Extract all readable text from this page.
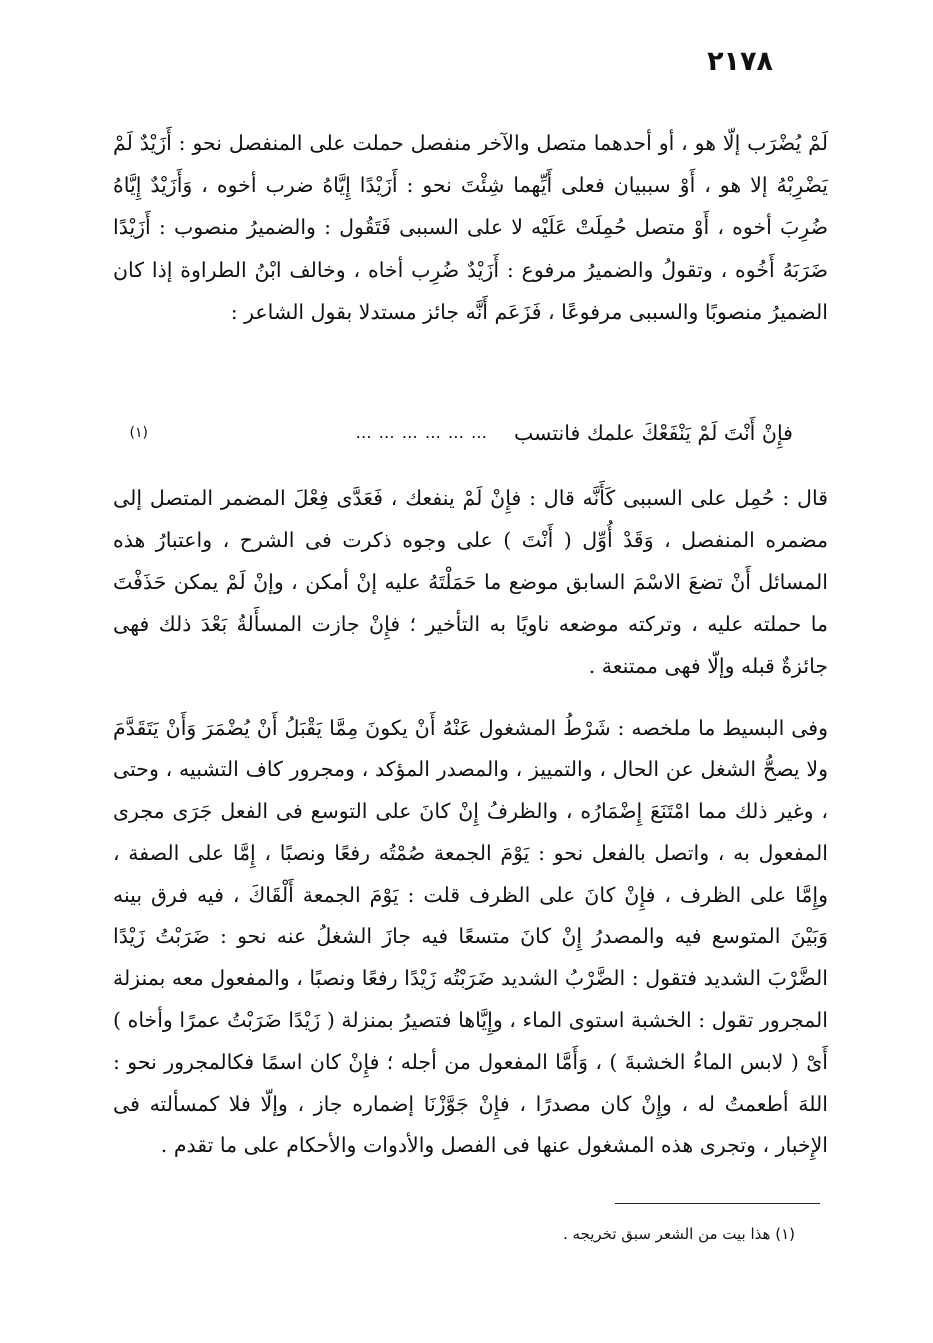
٢١٧٨

لَمْ يُضْرَب إلّا هو ، أو أحدهما متصل والآخر منفصل حملت على المنفصل نحو : أَزَيْدٌ لَمْ يَضْرِبْهُ إلا هو ، أَوْ سببيان فعلى أَيِّهما شِئْتَ نحو : أَزَيْدًا إِيَّاهُ ضرب أخوه ، وَأَزَيْدٌ إِيَّاهُ ضُرِبَ أخوه ، أَوْ متصل حُمِلَتْ عَلَيْه لا على السببى فَتَقُول : والضميرُ منصوب : أَزَيْدًا ضَرَبَهُ أَخُوه ، وتقولُ والضميرُ مرفوع : أَزَيْدٌ ضُرِب أخاه ، وخالف ابْنُ الطراوة إذا كان الضميرُ منصوبًا والسببى مرفوعًا ، فَزَعَم أَنَّه جائز مستدلا بقول الشاعر :

فإِنْ أَنْتَ لَمْ يَنْفَعْكَ علمك فانتسب
… … … … … …
(١)

قال : حُمِل على السببى كَأَنَّه قال : فإِنْ لَمْ ينفعك ، فَعَدَّى فِعْلَ المضمر المتصل إلى مضمره المنفصل ، وَقَدْ أُوِّل ( أَنْتَ ) على وجوه ذكرت فى الشرح ، واعتبارُ هذه المسائل أَنْ تضعَ الاسْمَ السابق موضع ما حَمَلْتَهُ عليه إنْ أمكن ، وإنْ لَمْ يمكن حَذَفْتَ ما حملته عليه ، وتركته موضعه ناويًا به التأخير ؛ فإِنْ جازت المسأَلةُ بَعْدَ ذلك فهى جائزةٌ قبله وإلّا فهى ممتنعة .

وفى البسيط ما ملخصه : شَرْطُ المشغول عَنْهُ أَنْ يكونَ مِمَّا يَقْبَلُ أَنْ يُضْمَرَ وَأَنْ يَتَقَدَّمَ ولا يصحُّ الشغل عن الحال ، والتمييز ، والمصدر المؤكد ، ومجرور كاف التشبيه ، وحتى ، وغير ذلك مما امْتَنَعَ إِضْمَارُه ، والظرفُ إِنْ كانَ على التوسع فى الفعل جَرَى مجرى المفعول به ، واتصل بالفعل نحو : يَوْمَ الجمعة صُمْتُه رفعًا ونصبًا ، إِمَّا على الصفة ، وإِمَّا على الظرف ، فإِنْ كانَ على الظرف قلت : يَوْمَ الجمعة أَلْقَاكَ ، فيه فرق بينه وَبَيْنَ المتوسع فيه والمصدرُ إِنْ كانَ متسعًا فيه جازَ الشغلُ عنه نحو : ضَرَبْتُ زَيْدًا الضَّرْبَ الشديد فتقول : الضَّرْبُ الشديد ضَرَبْتُه زَيْدًا رفعًا ونصبًا ، والمفعول معه بمنزلة المجرور تقول : الخشبة استوى الماء ، وإِيَّاها فتصيرُ بمنزلة ( زَيْدًا ضَرَبْتُ عمرًا وأخاه ) أَىْ ( لابس الماءُ الخشبةَ ) ، وَأَمَّا المفعول من أجله ؛ فإِنْ كان اسمًا فكالمجرور نحو : اللهَ أطعمتُ له ، وإِنْ كان مصدرًا ، فإِنْ جَوَّزْنَا إضماره جاز ، وإلّا فلا كمسألته فى الإِخبار ، وتجرى هذه المشغول عنها فى الفصل والأدوات والأحكام على ما تقدم .

(١) هذا بيت من الشعر سبق تخريجه .
